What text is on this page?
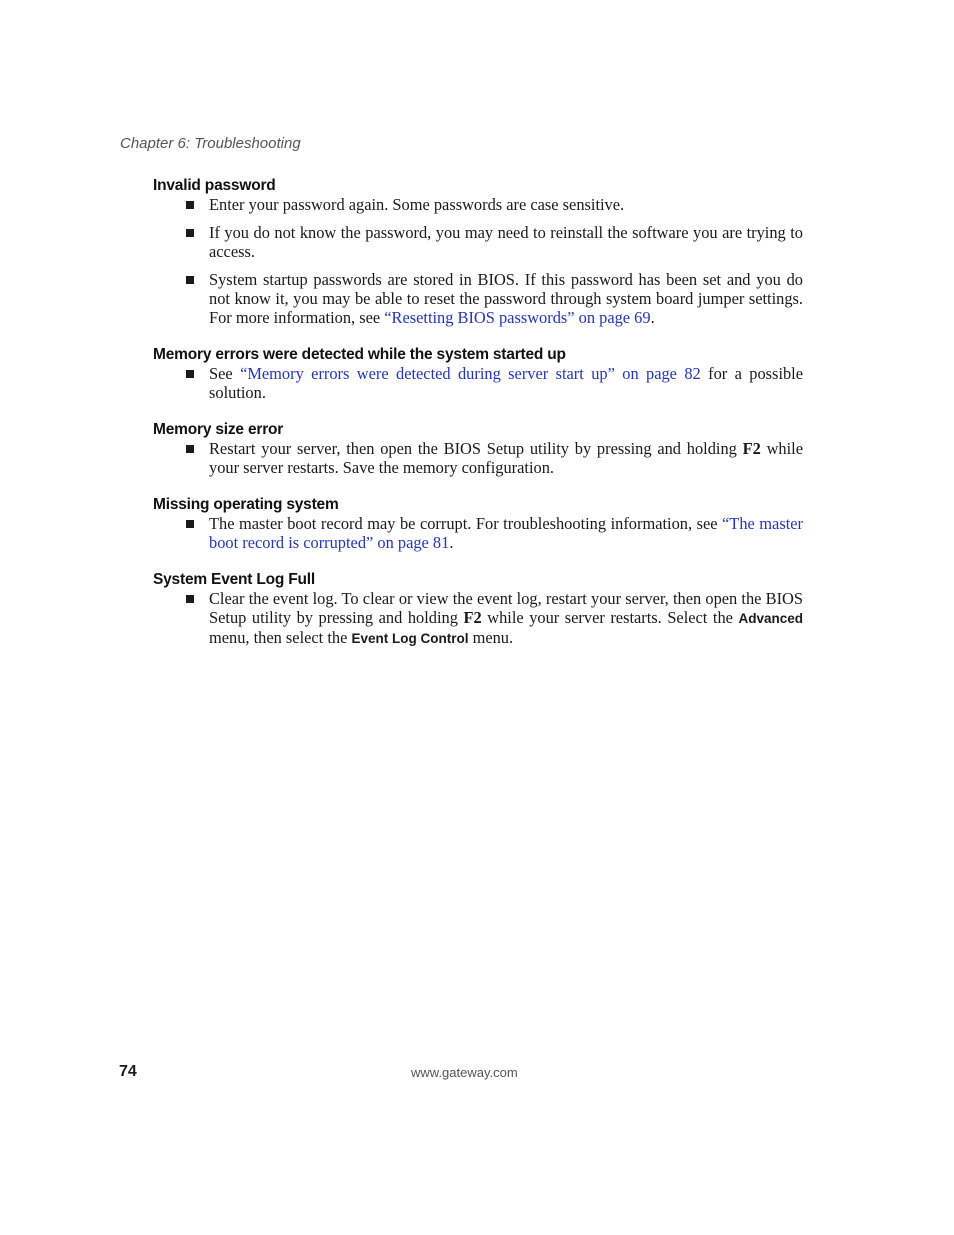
Chapter 6: Troubleshooting
Invalid password
Enter your password again. Some passwords are case sensitive.
If you do not know the password, you may need to reinstall the software you are trying to access.
System startup passwords are stored in BIOS. If this password has been set and you do not know it, you may be able to reset the password through system board jumper settings. For more information, see “Resetting BIOS passwords” on page 69.
Memory errors were detected while the system started up
See “Memory errors were detected during server start up” on page 82 for a possible solution.
Memory size error
Restart your server, then open the BIOS Setup utility by pressing and holding F2 while your server restarts. Save the memory configuration.
Missing operating system
The master boot record may be corrupt. For troubleshooting information, see “The master boot record is corrupted” on page 81.
System Event Log Full
Clear the event log. To clear or view the event log, restart your server, then open the BIOS Setup utility by pressing and holding F2 while your server restarts. Select the Advanced menu, then select the Event Log Control menu.
74	www.gateway.com
